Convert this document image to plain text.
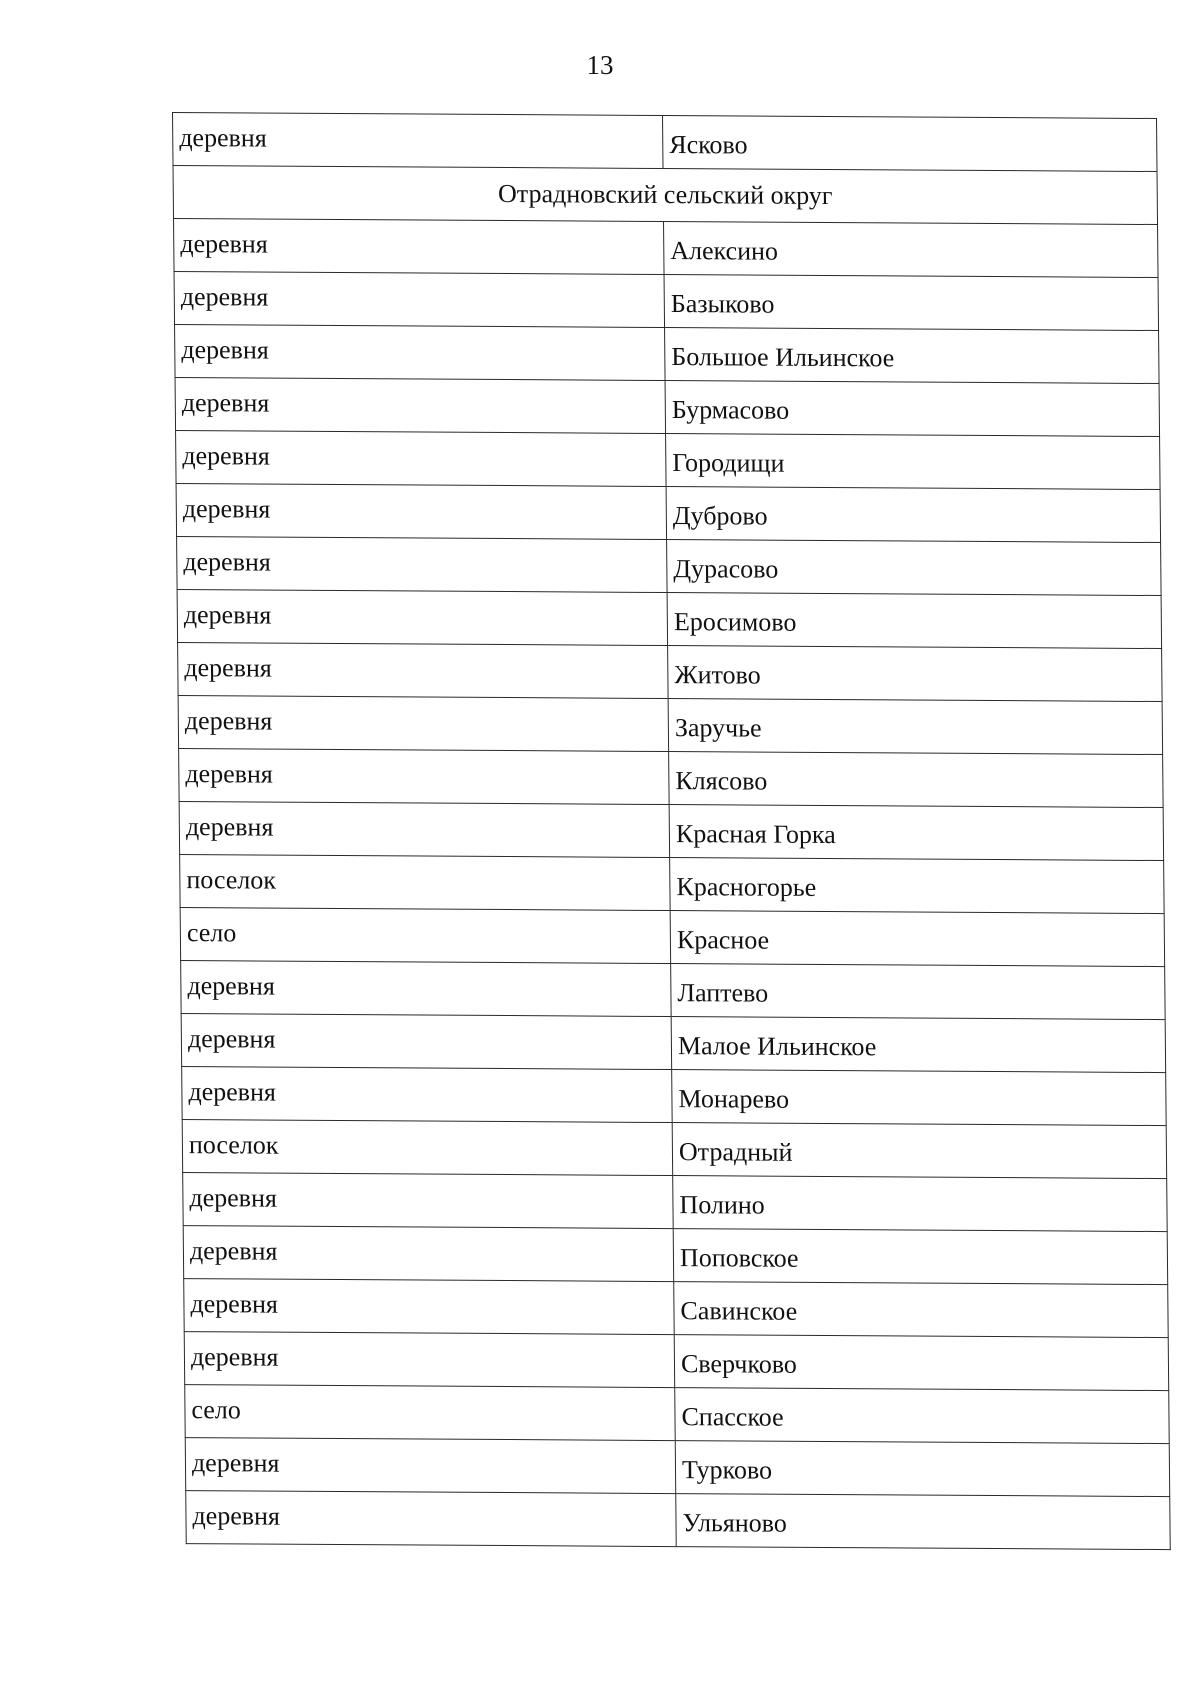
13
деревня	Ясково
Отрадновский сельский округ	
деревня	Алексино
деревня	Базыково
деревня	Большое Ильинское
деревня	Бурмасово
деревня	Городищи
деревня	Дуброво
деревня	Дурасово
деревня	Еросимово
деревня	Житово
деревня	Заручье
деревня	Клясово
деревня	Красная Горка
поселок	Красногорье
село	Красное
деревня	Лаптево
деревня	Малое Ильинское
деревня	Монарево
поселок	Отрадный
деревня	Полино
деревня	Поповское
деревня	Савинское
деревня	Сверчково
село	Спасское
деревня	Турково
деревня	Ульяново
